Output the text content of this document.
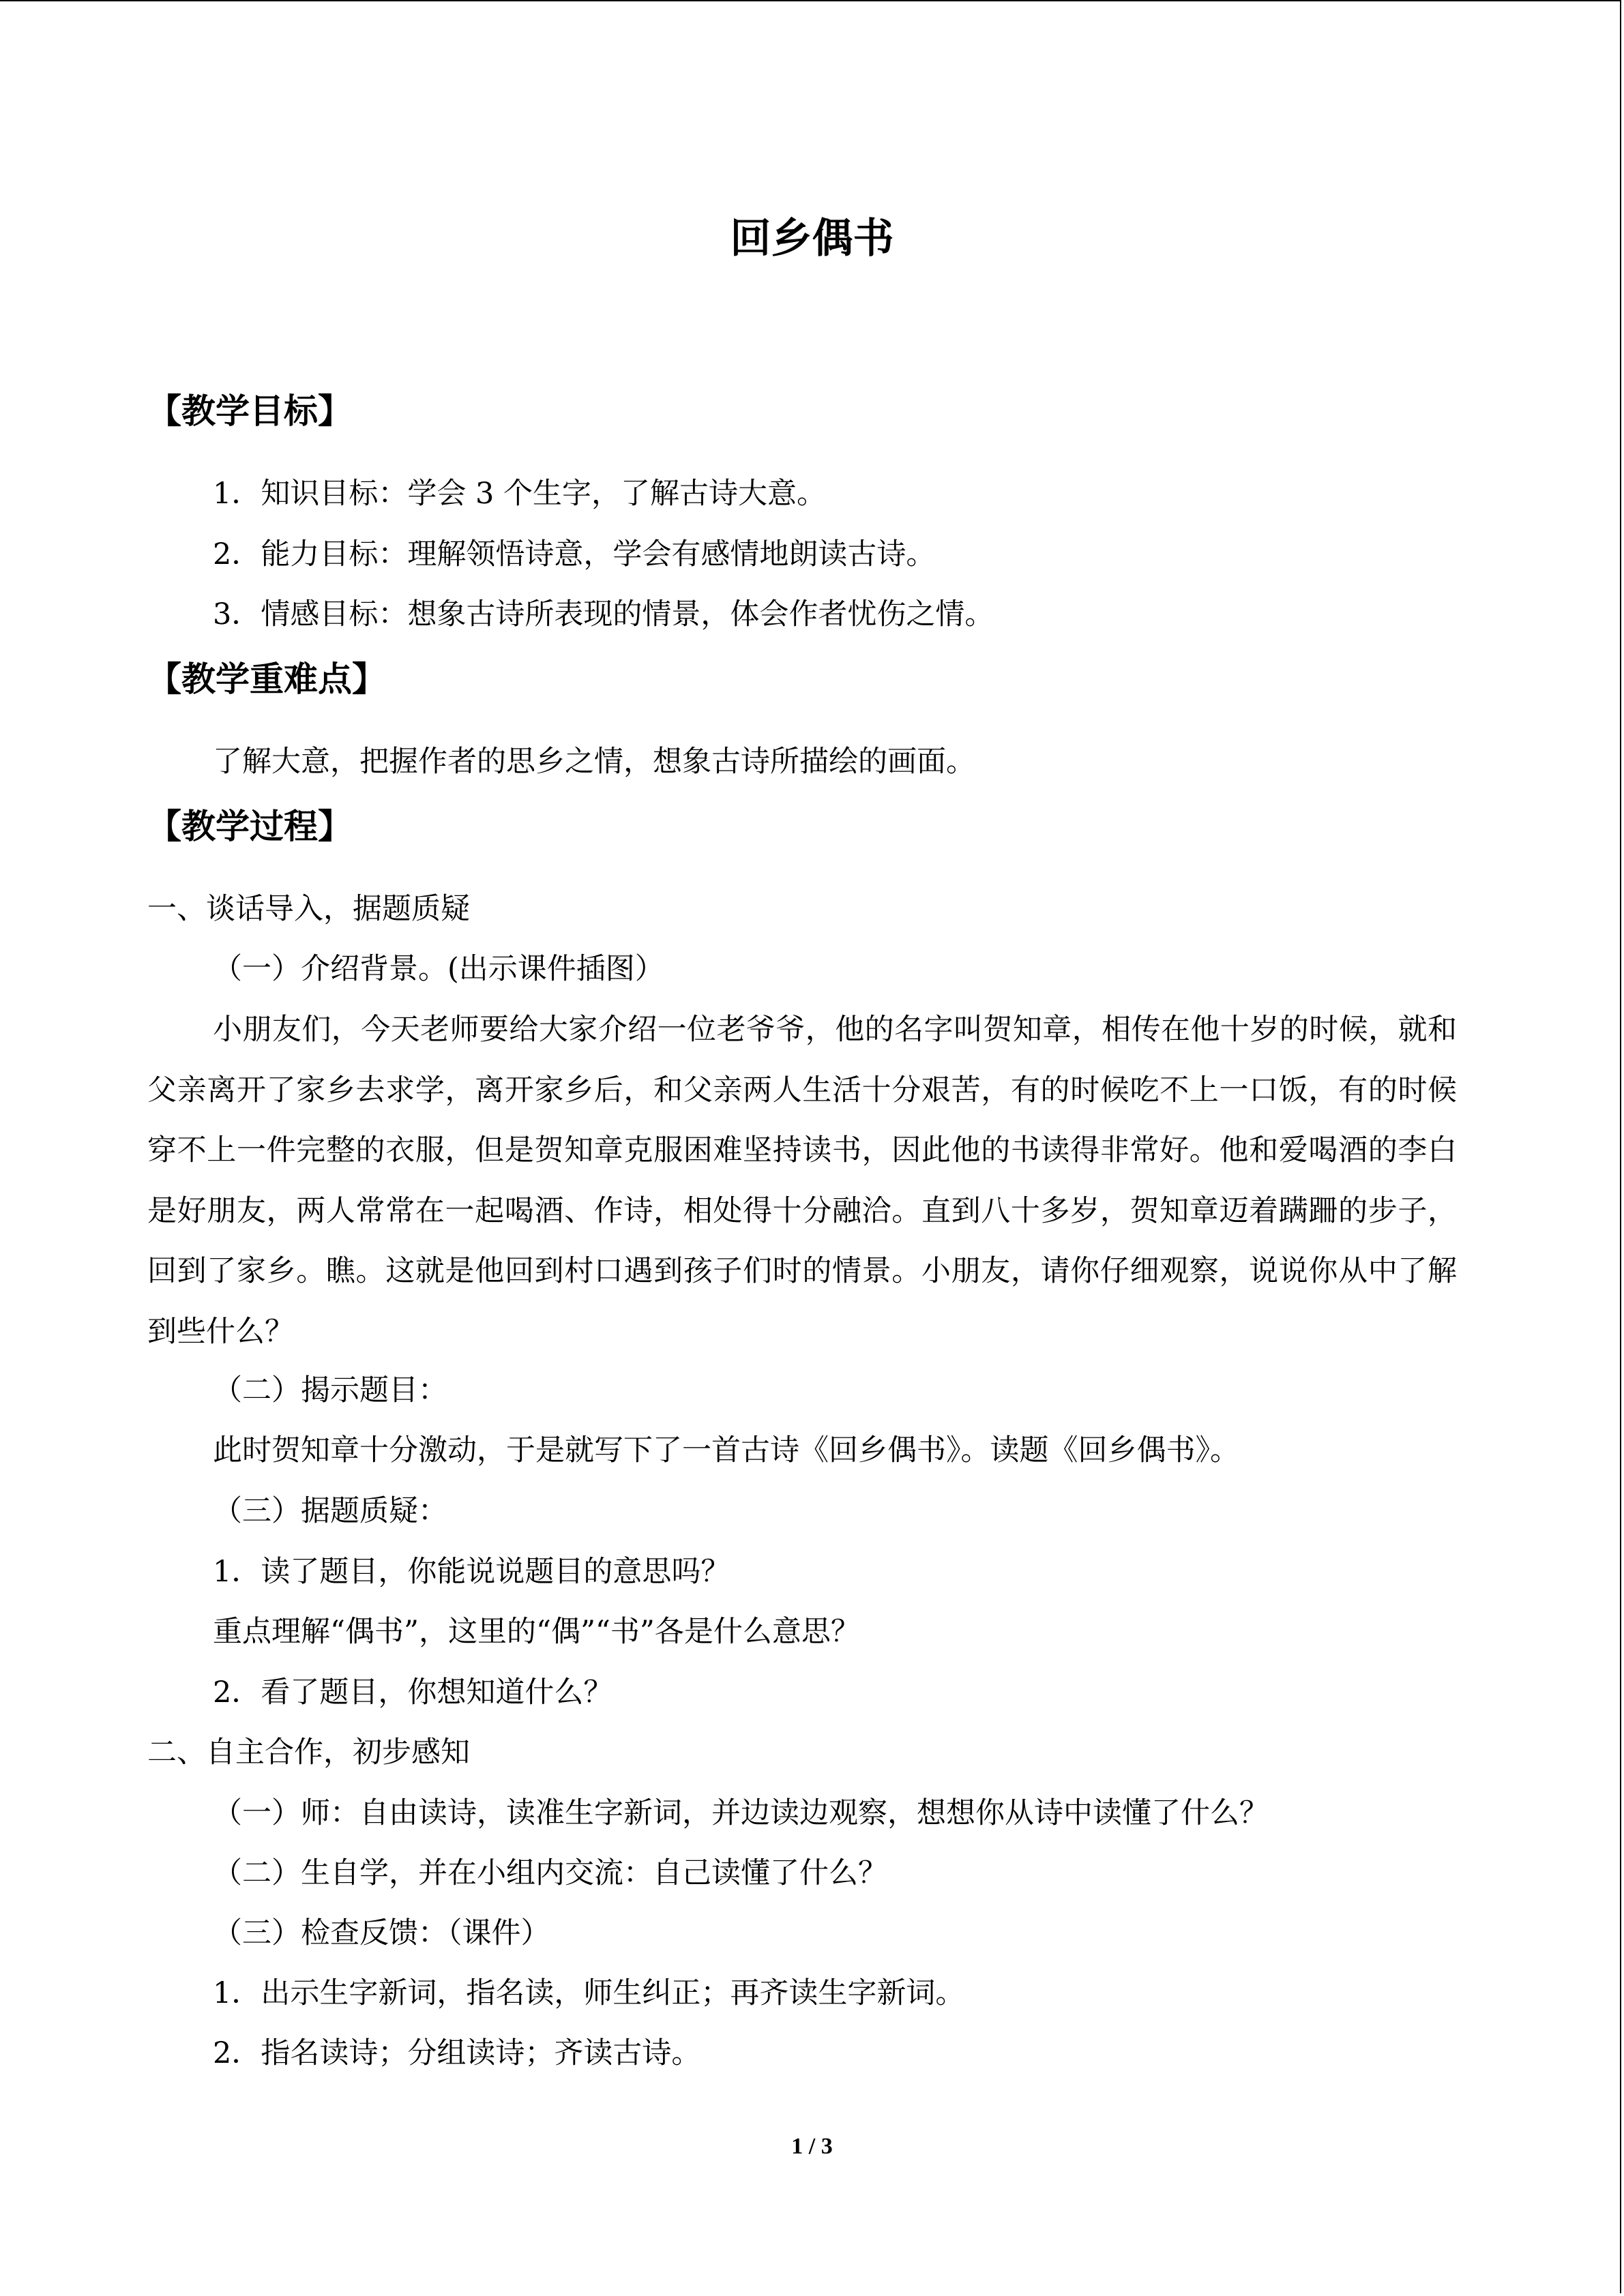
回乡偶书
【教学目标】
1．知识目标：学会 3 个生字，了解古诗大意。
2．能力目标：理解领悟诗意，学会有感情地朗读古诗。
3．情感目标：想象古诗所表现的情景，体会作者忧伤之情。
【教学重难点】
了解大意，把握作者的思乡之情，想象古诗所描绘的画面。
【教学过程】
一、谈话导入，据题质疑
（一）介绍背景。(出示课件插图）
小朋友们，今天老师要给大家介绍一位老爷爷，他的名字叫贺知章，相传在他十岁的时候，就和父亲离开了家乡去求学，离开家乡后，和父亲两人生活十分艰苦，有的时候吃不上一口饭，有的时候穿不上一件完整的衣服，但是贺知章克服困难坚持读书，因此他的书读得非常好。他和爱喝酒的李白是好朋友，两人常常在一起喝酒、作诗，相处得十分融洽。直到八十多岁，贺知章迈着蹒跚的步子，回到了家乡。瞧。这就是他回到村口遇到孩子们时的情景。小朋友，请你仔细观察，说说你从中了解到些什么？
（二）揭示题目：
此时贺知章十分激动，于是就写下了一首古诗《回乡偶书》。读题《回乡偶书》。
（三）据题质疑：
1．读了题目，你能说说题目的意思吗？
重点理解“偶书”，这里的“偶”“书”各是什么意思？
2．看了题目，你想知道什么？
二、自主合作，初步感知
（一）师：自由读诗，读准生字新词，并边读边观察，想想你从诗中读懂了什么？
（二）生自学，并在小组内交流：自己读懂了什么？
（三）检查反馈：（课件）
1．出示生字新词，指名读，师生纠正；再齐读生字新词。
2．指名读诗；分组读诗；齐读古诗。
1 / 3
